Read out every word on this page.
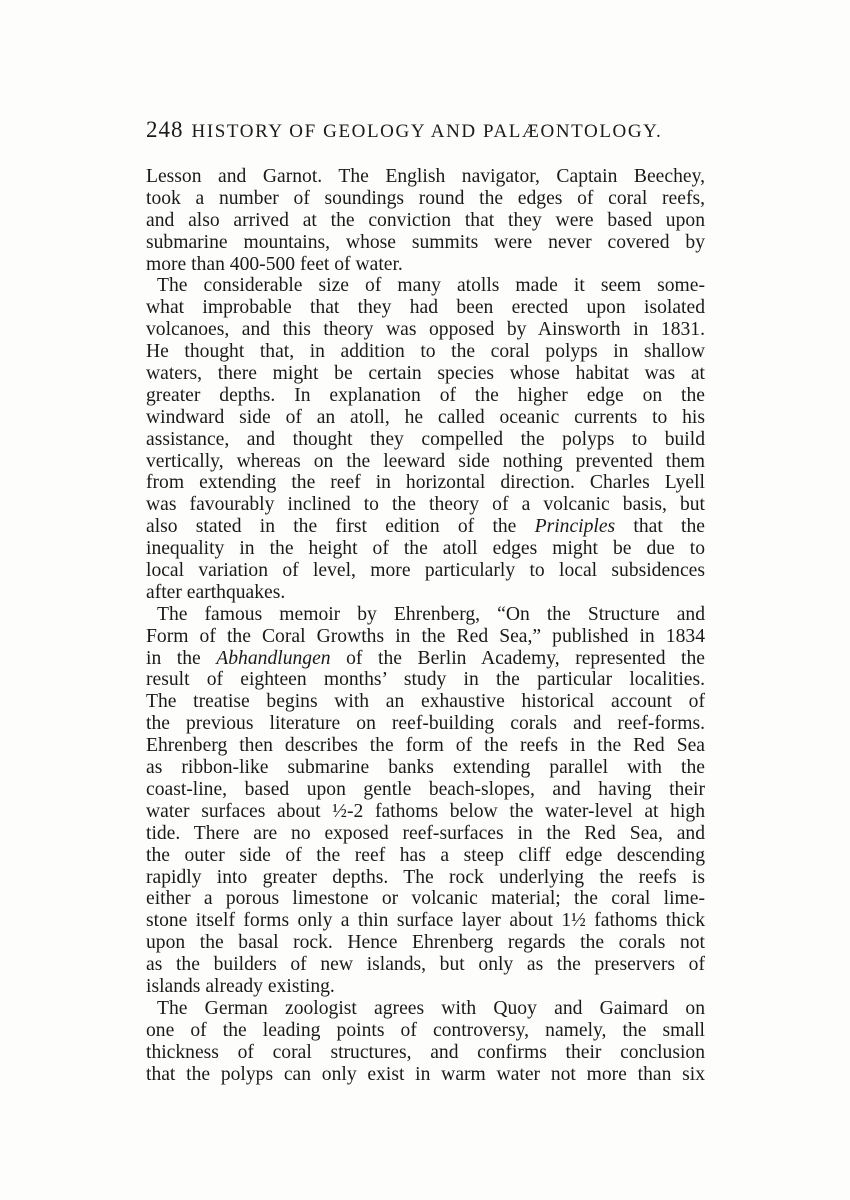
248 HISTORY OF GEOLOGY AND PALÆONTOLOGY.
Lesson and Garnot. The English navigator, Captain Beechey,
took a number of soundings round the edges of coral reefs,
and also arrived at the conviction that they were based upon
submarine mountains, whose summits were never covered by
more than 400-500 feet of water.
The considerable size of many atolls made it seem some-
what improbable that they had been erected upon isolated
volcanoes, and this theory was opposed by Ainsworth in 1831.
He thought that, in addition to the coral polyps in shallow
waters, there might be certain species whose habitat was at
greater depths. In explanation of the higher edge on the
windward side of an atoll, he called oceanic currents to his
assistance, and thought they compelled the polyps to build
vertically, whereas on the leeward side nothing prevented them
from extending the reef in horizontal direction. Charles Lyell
was favourably inclined to the theory of a volcanic basis, but
also stated in the first edition of the Principles that the
inequality in the height of the atoll edges might be due to
local variation of level, more particularly to local subsidences
after earthquakes.
The famous memoir by Ehrenberg, “On the Structure and
Form of the Coral Growths in the Red Sea,” published in 1834
in the Abhandlungen of the Berlin Academy, represented the
result of eighteen months’ study in the particular localities.
The treatise begins with an exhaustive historical account of
the previous literature on reef-building corals and reef-forms.
Ehrenberg then describes the form of the reefs in the Red Sea
as ribbon-like submarine banks extending parallel with the
coast-line, based upon gentle beach-slopes, and having their
water surfaces about ½-2 fathoms below the water-level at high
tide. There are no exposed reef-surfaces in the Red Sea, and
the outer side of the reef has a steep cliff edge descending
rapidly into greater depths. The rock underlying the reefs is
either a porous limestone or volcanic material; the coral lime-
stone itself forms only a thin surface layer about 1½ fathoms thick
upon the basal rock. Hence Ehrenberg regards the corals not
as the builders of new islands, but only as the preservers of
islands already existing.
The German zoologist agrees with Quoy and Gaimard on
one of the leading points of controversy, namely, the small
thickness of coral structures, and confirms their conclusion
that the polyps can only exist in warm water not more than six
